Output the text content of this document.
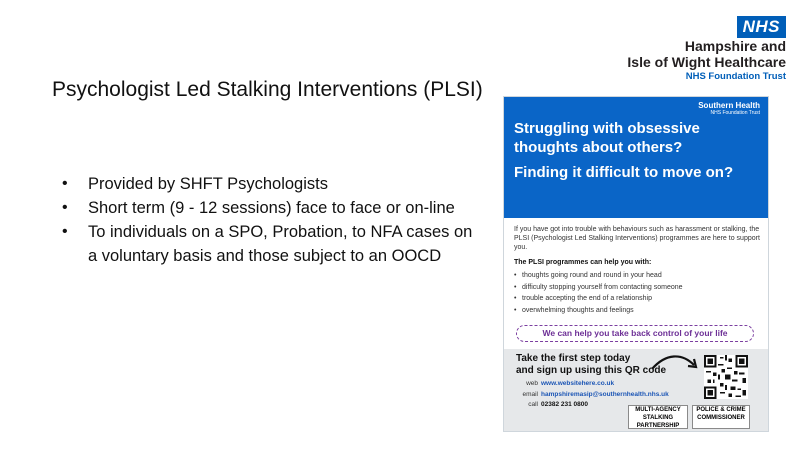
NHS
Hampshire and
Isle of Wight Healthcare
NHS Foundation Trust
Psychologist Led Stalking Interventions (PLSI)
• Provided by SHFT Psychologists
• Short term (9 - 12 sessions) face to face or on-line
• To individuals on a SPO, Probation, to NFA cases on a voluntary basis and those subject to an OOCD
Southern Health
NHS Foundation Trust

Struggling with obsessive thoughts about others?

Finding it difficult to move on?

If you have got into trouble with behaviours such as harassment or stalking, the PLSI (Psychologist Led Stalking Interventions) programmes are here to support you.
The PLSI programmes can help you with:
• thoughts going round and round in your head
• difficulty stopping yourself from contacting someone
• trouble accepting the end of a relationship
• overwhelming thoughts and feelings
We can help you take back control of your life
Take the first step today
and sign up using this QR code
web www.websitehere.co.uk
email hampshiremasip@southernhealth.nhs.uk
call 02382 231 0800
MULTI-AGENCY STALKING PARTNERSHIP
POLICE & CRIME COMMISSIONER
